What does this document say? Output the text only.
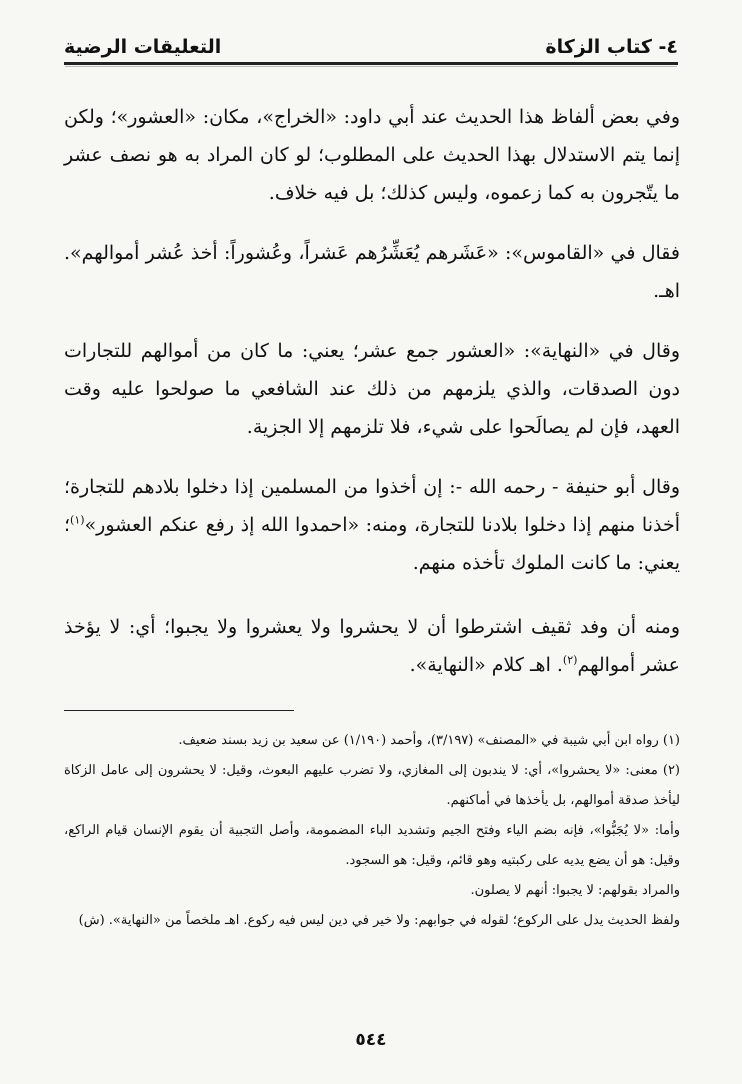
٤- كتاب الزكاة
التعليقات الرضية

وفي بعض ألفاظ هذا الحديث عند أبي داود: «الخراج»، مكان: «العشور»؛ ولكن إنما يتم الاستدلال بهذا الحديث على المطلوب؛ لو كان المراد به هو نصف عشر ما يتّجرون به كما زعموه، وليس كذلك؛ بل فيه خلاف.

فقال في «القاموس»: «عَشَرهم يُعَشِّرُهم عَشراً، وعُشوراً: أخذ عُشر أموالهم». اهـ.

وقال في «النهاية»: «العشور جمع عشر؛ يعني: ما كان من أموالهم للتجارات دون الصدقات، والذي يلزمهم من ذلك عند الشافعي ما صولحوا عليه وقت العهد، فإن لم يصالَحوا على شيء، فلا تلزمهم إلا الجزية.

وقال أبو حنيفة - رحمه الله -: إن أخذوا من المسلمين إذا دخلوا بلادهم للتجارة؛ أخذنا منهم إذا دخلوا بلادنا للتجارة، ومنه: «احمدوا الله إذ رفع عنكم العشور»$^{(١)}$؛ يعني: ما كانت الملوك تأخذه منهم.

ومنه أن وفد ثقيف اشترطوا أن لا يحشروا ولا يعشروا ولا يجبوا؛ أي: لا يؤخذ عشر أموالهم$^{(٢)}$. اهـ كلام «النهاية».

(١) رواه ابن أبي شيبة في «المصنف» (٣/١٩٧)، وأحمد (١/١٩٠) عن سعيد بن زيد بسند ضعيف.

(٢) معنى: «لا يحشروا»، أي: لا يندبون إلى المغازي، ولا تضرب عليهم البعوث، وقيل: لا يحشرون إلى عامل الزكاة ليأخذ صدقة أموالهم، بل يأخذها في أماكنهم.

وأما: «لا يُجَبُّوا»، فإنه بضم الياء وفتح الجيم وتشديد الباء المضمومة، وأصل التجبية أن يقوم الإنسان قيام الراكع، وقيل: هو أن يضع يديه على ركبتيه وهو قائم، وقيل: هو السجود.

والمراد بقولهم: لا يجبوا: أنهم لا يصلون.

ولفظ الحديث يدل على الركوع؛ لقوله في جوابهم: ولا خير في دين ليس فيه ركوع. اهـ ملخصاً من «النهاية». (ش)

٥٤٤
